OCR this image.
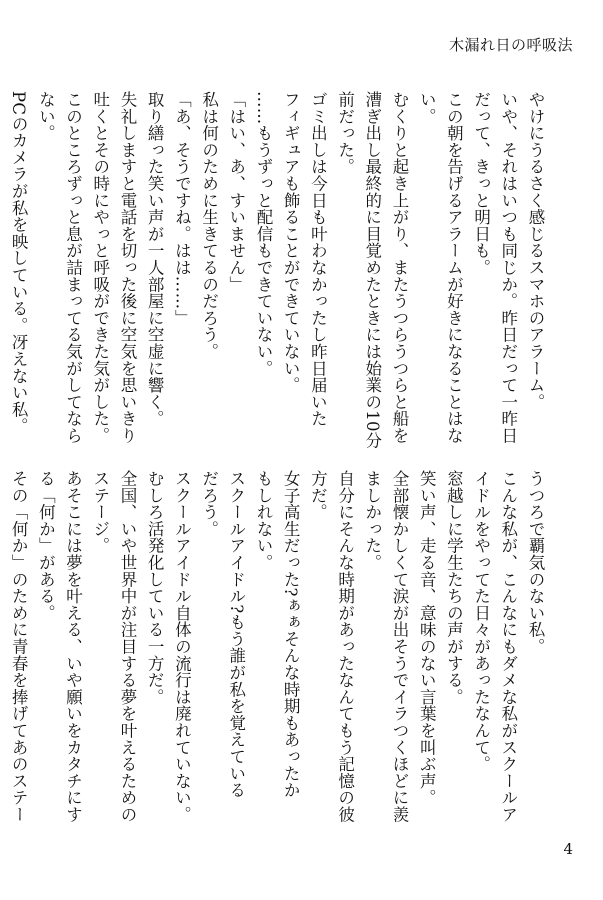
木漏れ日の呼吸法

やけにうるさく感じるスマホのアラーム。

いや、それはいつも同じか。昨日だって一昨日

だって、きっと明日も。

この朝を告げるアラームが好きになることはな

い。

むくりと起き上がり、またうつらうつらと船を

漕ぎ出し最終的に目覚めたときには始業の10分

前だった。

ゴミ出しは今日も叶わなかったし昨日届いた

フィギュアも飾ることができていない。

……もうずっと配信もできていない。

「はい、あ、すいません」

私は何のために生きてるのだろう。

「あ、そうですね。はは……」

取り繕った笑い声が一人部屋に空虚に響く。

失礼しますと電話を切った後に空気を思いきり

吐くとその時にやっと呼吸ができた気がした。

このところずっと息が詰まってる気がしてなら

ない。

PCのカメラが私を映している。冴えない私。

うつろで覇気のない私。

こんな私が、こんなにもダメな私がスクールア

イドルをやってた日々があったなんて。

窓越しに学生たちの声がする。

笑い声、走る音、意味のない言葉を叫ぶ声。

全部懐かしくて涙が出そうでイラつくほどに羨

ましかった。

自分にそんな時期があったなんてもう記憶の彼

方だ。

女子高生だった?ぁぁそんな時期もあったか

もしれない。

スクールアイドル?もう誰が私を覚えている

だろう。

スクールアイドル自体の流行は廃れていない。

むしろ活発化している一方だ。

全国、いや世界中が注目する夢を叶えるための

ステージ。

あそこには夢を叶える、いや願いをカタチにす

る「何か」がある。

その「何か」のために青春を捧げてあのステー

4
